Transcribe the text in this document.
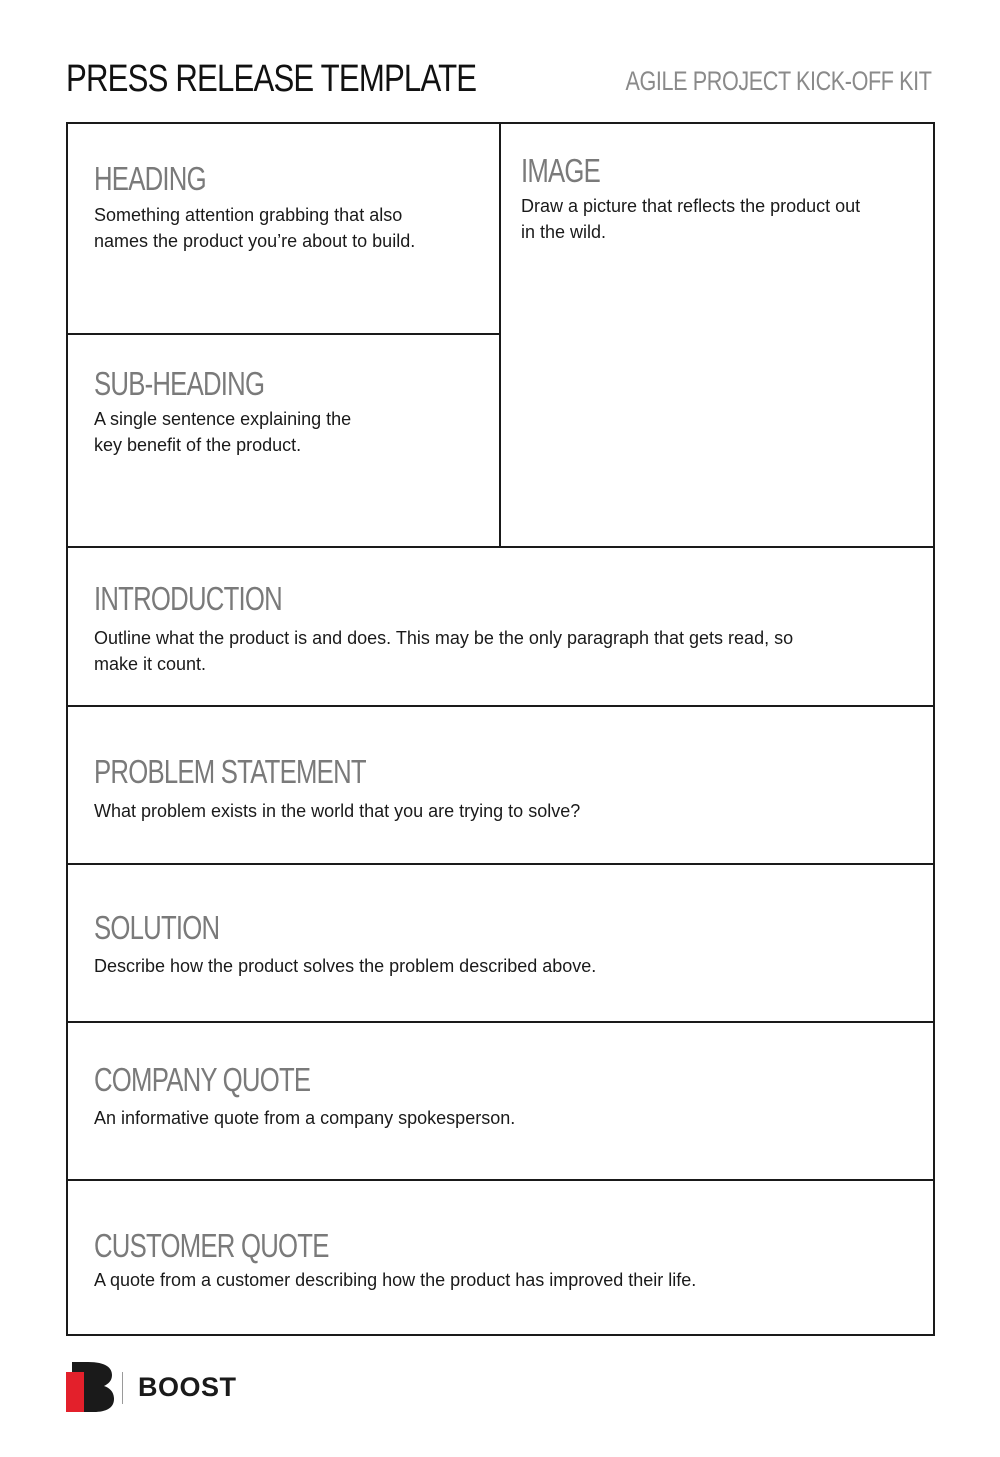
PRESS RELEASE TEMPLATE	AGILE PROJECT KICK-OFF KIT
HEADING

Something attention grabbing that also
names the product you’re about to build.

IMAGE

Draw a picture that reflects the product out
in the wild.

SUB-HEADING

A single sentence explaining the
key benefit of the product.

INTRODUCTION

Outline what the product is and does. This may be the only paragraph that gets read, so
make it count.

PROBLEM STATEMENT

What problem exists in the world that you are trying to solve?

SOLUTION

Describe how the product solves the problem described above.

COMPANY QUOTE

An informative quote from a company spokesperson.

CUSTOMER QUOTE

A quote from a customer describing how the product has improved their life.

BOOST
